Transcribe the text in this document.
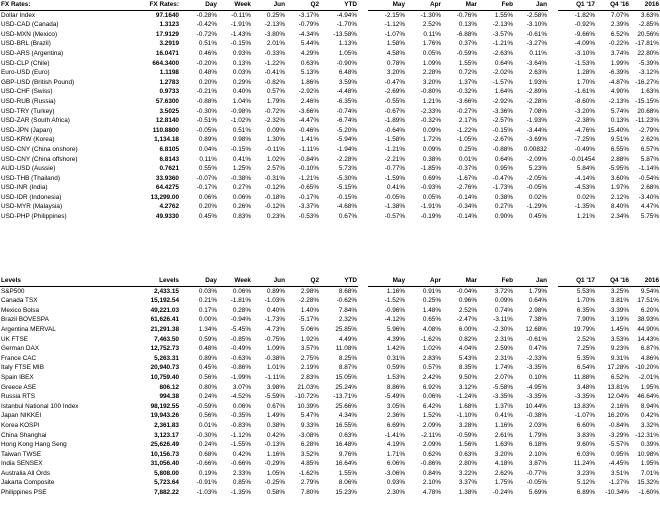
FX Rates:	FX Rates:	Day	Week	Jun	Q2	YTD		May	Apr	Mar	Feb	Jan		Q1 '17	Q4 '16	2016
Dollar Index	97.1640	-0.28%	-0.11%	0.25%	-3.17%	-4.94%		-2.15%	-1.30%	-0.76%	1.55%	-2.58%		-1.82%	7.07%	3.63%
USD-CAD (Canada)	1.3123	-0.42%	-1.91%	-2.13%	-0.79%	-1.70%		-1.12%	2.52%	0.13%	-2.13%	-3.10%		-0.92%	2.39%	-2.85%
USD-MXN (Mexico)	17.9129	-0.72%	-1.43%	-3.80%	-4.34%	-13.58%		-1.07%	0.11%	-6.88%	-3.57%	-0.61%		-9.66%	6.52%	20.56%
USD-BRL (Brazil)	3.2919	0.51%	-0.15%	2.01%	5.44%	1.13%		1.58%	1.76%	0.37%	-1.21%	-3.27%		-4.09%	-0.22%	-17.81%
USD-ARS (Argentina)	16.0471	0.46%	0.93%	-0.33%	4.29%	1.05%		4.58%	0.05%	-0.59%	-2.63%	0.11%		-3.10%	3.74%	22.80%
USD-CLP (Chile)	664.3400	-0.20%	0.13%	-1.22%	0.63%	-0.90%		0.78%	1.09%	1.55%	0.64%	-3.64%		-1.53%	1.99%	-5.39%
Euro-USD (Euro)	1.1198	0.48%	0.03%	-0.41%	5.13%	6.48%		3.20%	2.28%	0.72%	-2.02%	2.63%		1.28%	-6.39%	-3.12%
GBP-USD (British Pound)	1.2783	0.20%	0.29%	-0.82%	1.86%	3.59%		-0.47%	3.20%	1.37%	-1.57%	1.93%		1.70%	-4.87%	-16.27%
USD-CHF (Swiss)	0.9733	-0.21%	0.40%	0.57%	-2.92%	-4.48%		-2.69%	-0.80%	-0.32%	1.64%	-2.89%		-1.61%	4.90%	1.63%
USD-RUB (Russia)	57.6300	-0.88%	1.04%	1.79%	2.46%	-6.35%		-0.55%	1.21%	-3.66%	-2.92%	-2.28%		-8.60%	-2.13%	-15.15%
USD-TRY (Turkey)	3.5025	-0.30%	-0.98%	-0.72%	-3.66%	-0.74%		-0.67%	-2.33%	-0.27%	-3.36%	7.08%		-3.20%	5.74%	20.68%
USD-ZAR (South Africa)	12.8140	-0.51%	-1.02%	-2.32%	-4.47%	-6.74%		-1.89%	-0.32%	2.17%	-2.57%	-1.93%		-2.38%	0.13%	-11.23%
USD-JPN (Japan)	110.8800	-0.05%	0.51%	0.09%	-0.46%	-5.20%		-0.64%	0.09%	-1.22%	-0.15%	-3.44%		-4.76%	15.40%	-2.79%
USD-KRW (Korea)	1,134.18	0.89%	0.98%	1.30%	1.41%	-5.94%		-1.58%	1.72%	-1.05%	-2.67%	-3.69%		-7.25%	9.51%	2.62%
USD-CNY (China onshore)	6.8105	0.04%	-0.15%	-0.11%	-1.11%	-1.94%		-1.21%	0.09%	0.25%	-0.88%	0.00832		-0.49%	6.55%	6.57%
USD-CNY (China offshore)	6.8143	0.11%	0.41%	1.02%	-0.84%	-2.28%		-2.21%	0.38%	0.01%	0.64%	-2.09%		-0.01454	2.88%	5.87%
AUD-USD (Aussie)	0.7621	0.55%	1.25%	2.57%	-0.10%	5.73%		-0.77%	-1.85%	-0.37%	0.95%	5.23%		5.84%	-5.95%	-1.14%
USD-THB (Thailand)	33.9360	-0.07%	-0.38%	-0.31%	-1.21%	-5.30%		-1.59%	0.69%	-1.67%	-0.47%	-2.05%		-4.14%	3.60%	-0.54%
USD-INR (India)	64.4275	-0.17%	0.27%	-0.12%	-0.65%	-5.15%		0.41%	-0.93%	-2.76%	-1.73%	-0.05%		-4.53%	1.97%	2.68%
USD-IDR (Indonesia)	13,299.00	0.06%	0.06%	-0.18%	-0.17%	-0.15%		-0.05%	0.05%	-0.14%	0.38%	0.02%		0.02%	2.12%	-3.40%
USD-MYR (Malaysia)	4.2762	0.20%	0.26%	-0.12%	-3.37%	-4.68%		-1.38%	-1.91%	-0.34%	0.27%	-1.29%		-1.35%	8.40%	4.47%
USD-PHP (Philippines)	49.9330	0.45%	0.83%	0.23%	-0.53%	0.67%		-0.57%	-0.19%	-0.14%	0.90%	0.45%		1.21%	2.34%	5.75%
Levels	Levels	Day	Week	Jun	Q2	YTD		May	Apr	Mar	Feb	Jan		Q1 '17	Q4 '16	2016
S&P500	2,433.15	0.03%	0.06%	0.89%	2.98%	8.68%		1.16%	0.91%	-0.04%	3.72%	1.79%		5.53%	3.25%	9.54%
Canada TSX	15,192.54	0.21%	-1.81%	-1.03%	-2.28%	-0.62%		-1.52%	0.25%	0.96%	0.09%	0.64%		1.70%	3.81%	17.51%
Mexico Bolsa	49,221.03	0.17%	0.28%	0.40%	1.40%	7.84%		-0.96%	1.48%	2.52%	0.74%	2.98%		6.35%	-3.39%	6.20%
Brazil BOVESPA	61,626.41	0.00%	-0.94%	-1.73%	-5.17%	2.32%		-4.12%	0.65%	-2.47%	-3.11%	7.38%		7.90%	3.19%	38.93%
Argentina MERVAL	21,291.38	1.34%	-5.45%	-4.73%	5.06%	25.85%		5.96%	4.08%	6.00%	-2.30%	12.68%		19.79%	1.45%	44.90%
UK FTSE	7,463.50	0.59%	-0.85%	-0.75%	1.92%	4.49%		4.39%	-1.62%	0.82%	2.31%	-0.61%		2.52%	3.53%	14.43%
German DAX	12,752.73	0.48%	-0.49%	1.09%	3.57%	11.08%		1.42%	1.02%	4.04%	2.59%	0.47%		7.25%	9.23%	6.87%
France CAC	5,263.31	0.89%	-0.63%	-0.38%	2.75%	8.25%		0.31%	2.83%	5.43%	2.31%	-2.33%		5.35%	9.31%	4.86%
Italy FTSE MIB	20,940.73	0.45%	-0.86%	1.01%	2.19%	8.87%		0.59%	0.57%	8.35%	1.74%	-3.35%		6.54%	17.28%	-10.20%
Spain IBEX	10,759.40	0.56%	-1.99%	-1.11%	2.83%	15.05%		1.53%	2.42%	9.50%	2.07%	0.10%		11.88%	6.52%	-2.01%
Greece ASE	806.12	0.80%	3.07%	3.98%	21.03%	25.24%		8.86%	6.92%	3.12%	-5.58%	-4.95%		3.48%	13.81%	1.95%
Russia RTS	994.38	0.24%	-4.52%	-5.59%	-10.72%	-13.71%		-5.49%	0.06%	-1.24%	-3.35%	-3.35%		-3.35%	12.04%	46.64%
Istanbul National 100 Index	98,192.55	-0.59%	0.06%	0.67%	10.39%	25.66%		3.05%	6.42%	1.68%	1.37%	10.44%		13.83%	2.16%	8.94%
Japan NIKKEI	19,943.26	0.56%	-0.35%	1.49%	5.47%	4.34%		2.36%	1.52%	-1.10%	0.41%	-0.38%		-1.07%	16.20%	0.42%
Korea KOSPI	2,361.83	0.01%	-0.83%	0.38%	9.33%	16.55%		6.69%	2.09%	3.28%	1.16%	2.03%		6.60%	-0.84%	3.32%
China Shanghai	3,123.17	-0.30%	-1.12%	0.42%	-3.08%	0.63%		-1.41%	-2.11%	-0.59%	2.61%	1.79%		3.83%	-3.29%	-12.31%
Hong Kong Hang Seng	25,626.49	0.24%	-1.55%	-0.13%	6.28%	16.48%		4.19%	2.09%	1.56%	1.63%	6.18%		9.60%	-5.57%	0.39%
Taiwan TWSE	10,156.73	0.68%	0.42%	1.16%	3.52%	9.76%		1.71%	0.62%	0.63%	3.20%	2.10%		6.03%	0.95%	10.98%
India SENSEX	31,056.40	-0.66%	-0.66%	-0.29%	4.85%	16.64%		6.06%	-0.86%	2.80%	4.18%	3.87%		11.24%	-4.45%	1.95%
Australia All Ords	5,808.00	0.19%	2.33%	1.05%	-1.62%	1.55%		-3.06%	0.84%	3.22%	2.62%	-0.77%		3.23%	3.51%	7.01%
Jakarta Composite	5,723.64	-0.91%	0.85%	-0.25%	2.79%	8.06%		0.93%	2.10%	3.37%	1.75%	-0.05%		5.12%	-1.27%	15.32%
Philippines PSE	7,882.22	-1.03%	-1.35%	0.58%	7.80%	15.23%		2.30%	4.78%	1.38%	-0.24%	5.69%		6.89%	-10.34%	-1.60%
